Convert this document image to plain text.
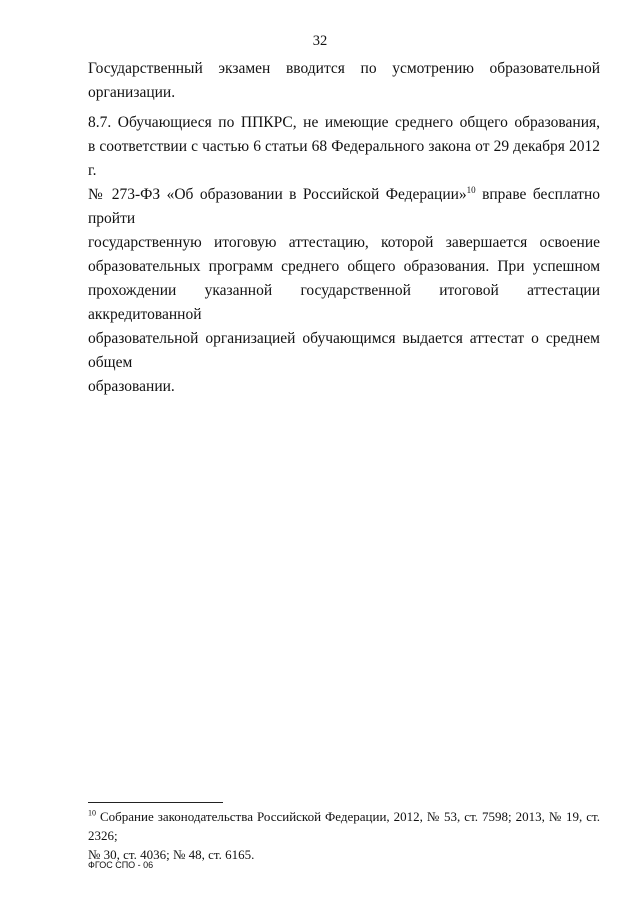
32

Государственный экзамен вводится по усмотрению образовательной
организации.

8.7. Обучающиеся по ППКРС, не имеющие среднего общего образования,
в соответствии с частью 6 статьи 68 Федерального закона от 29 декабря 2012 г.
№ 273-ФЗ «Об образовании в Российской Федерации»$^{10}$ вправе бесплатно пройти
государственную итоговую аттестацию, которой завершается освоение
образовательных программ среднего общего образования. При успешном
прохождении указанной государственной итоговой аттестации аккредитованной
образовательной организацией обучающимся выдается аттестат о среднем общем
образовании.

$^{10}$ Собрание законодательства Российской Федерации, 2012, № 53, ст. 7598; 2013, № 19, ст. 2326;
№ 30, ст. 4036; № 48, ст. 6165.
ФГОС СПО - 06
